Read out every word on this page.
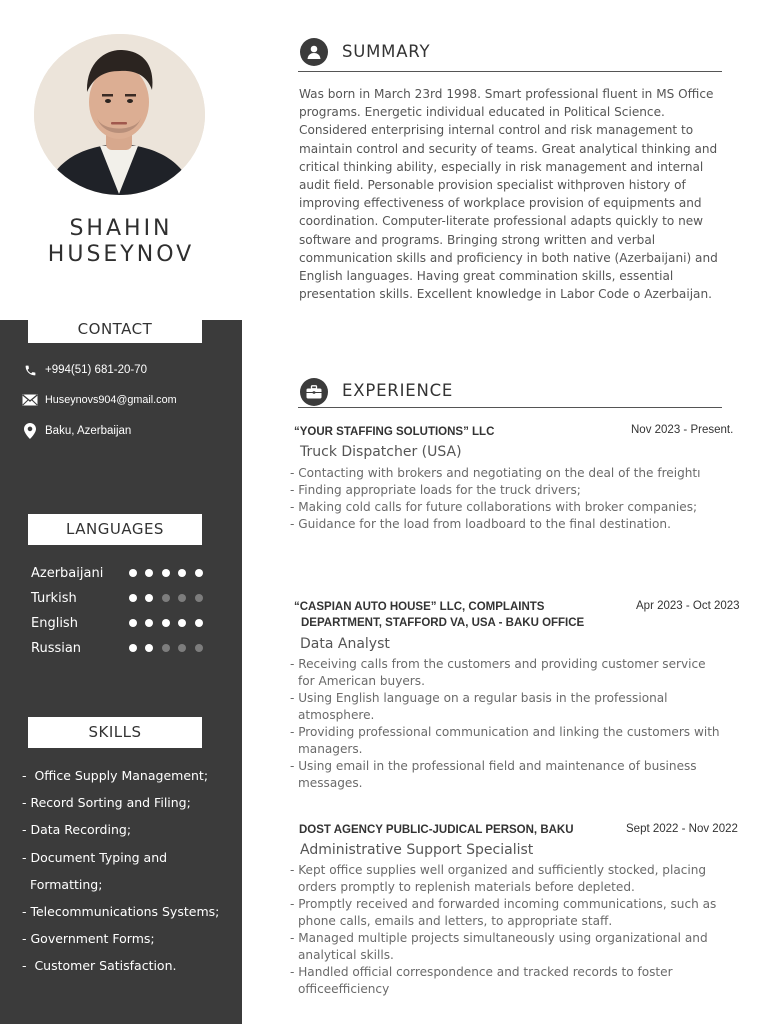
SHAHIN
HUSEYNOV
CONTACT
+994(51) 681-20-70
Huseynovs904@gmail.com
Baku, Azerbaijan
LANGUAGES
Azerbaijani
Turkish
English
Russian
SKILLS
-  Office Supply Management;
- Record Sorting and Filing;
- Data Recording;
- Document Typing and
Formatting;
- Telecommunications Systems;
- Government Forms;
-  Customer Satisfaction.
SUMMARY
Was born in March 23rd 1998. Smart professional fluent in MS Office programs. Energetic individual educated in Political Science. Considered enterprising internal control and risk management to maintain control and security of teams. Great analytical thinking and critical thinking ability, especially in risk management and internal audit field. Personable provision specialist withproven history of improving effectiveness of workplace provision of equipments and coordination. Computer-literate professional adapts quickly to new software and programs. Bringing strong written and verbal communication skills and proficiency in both native (Azerbaijani) and English languages. Having great commination skills, essential presentation skills. Excellent knowledge in Labor Code o Azerbaijan.
EXPERIENCE
“YOUR STAFFING SOLUTIONS” LLC	Nov 2023 - Present.
Truck Dispatcher (USA)
- Contacting with brokers and negotiating on the deal of the freightı
- Finding appropriate loads for the truck drivers;
- Making cold calls for future collaborations with broker companies;
- Guidance for the load from loadboard to the final destination.
“CASPIAN AUTO HOUSE” LLC, COMPLAINTS
DEPARTMENT, STAFFORD VA, USA - BAKU OFFICE
Apr 2023 - Oct 2023
Data Analyst
- Receiving calls from the customers and providing customer service for American buyers.
- Using English language on a regular basis in the professional atmosphere.
- Providing professional communication and linking the customers with managers.
- Using email in the professional field and maintenance of business messages.
DOST AGENCY PUBLIC-JUDICAL PERSON, BAKU	Sept 2022 - Nov 2022
Administrative Support Specialist
- Kept office supplies well organized and sufficiently stocked, placing orders promptly to replenish materials before depleted.
- Promptly received and forwarded incoming communications, such as phone calls, emails and letters, to appropriate staff.
- Managed multiple projects simultaneously using organizational and analytical skills.
- Handled official correspondence and tracked records to foster officeefficiency
